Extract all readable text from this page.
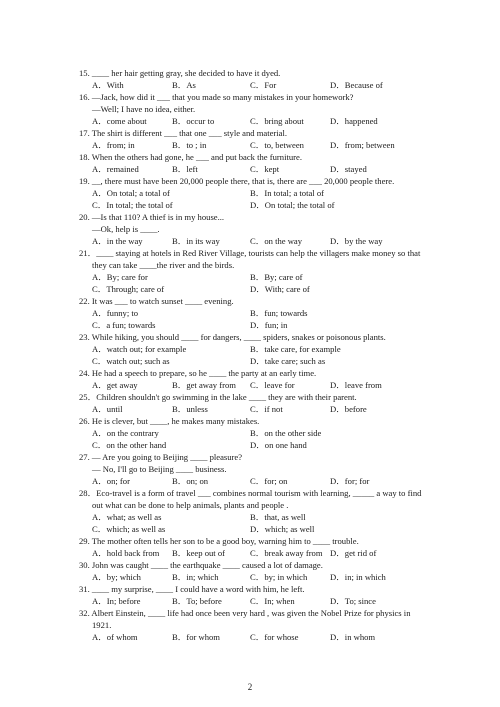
15. ____ her hair getting gray, she decided to have it dyed.
A．With	B．As	C．For	D．Because of
16. —Jack, how did it ___ that you made so many mistakes in your homework?
—Well; I have no idea, either.
A．come about	B．occur to	C．bring about	D．happened
17. The shirt is different ___ that one ___ style and material.
A．from; in	B．to ; in	C．to, between	D．from; between
18. When the others had gone, he ___ and put back the furniture.
A．remained	B．left	C．kept	D．stayed
19. __, there must have been 20,000 people there, that is, there are ___ 20,000 people there.
A．On total; a total of	B．In total; a total of
C．In total; the total of	D．On total; the total of
20. —Is that 110? A thief is in my house...
—Ok, help is ____.
A．in the way	B．in its way	C．on the way	D．by the way
21．____ staying at hotels in Red River Village, tourists can help the villagers make money so that
they can take ____the river and the birds.
A．By; care for	B．By; care of
C．Through; care of	D．With; care of
22. It was ___ to watch sunset ____ evening.
A．funny; to	B．fun; towards
C．a fun; towards	D．fun; in
23. While hiking, you should ____ for dangers, ____ spiders, snakes or poisonous plants.
A．watch out; for example	B．take care, for example
C．watch out; such as	D．take care; such as
24. He had a speech to prepare, so he ____ the party at an early time.
A．get away	B．get away from C．leave for	D．leave from
25．Children shouldn't go swimming in the lake ____ they are with their parent.
A．until	B．unless	C．if not	D．before
26. He is clever, but ____, he makes many mistakes.
A．on the contrary	B．on the other side
C．on the other hand	D．on one hand
27. — Are you going to Beijing ____ pleasure?
— No, I'll go to Beijing ____ business.
A．on; for	B．on; on	C．for; on	D．for; for
28．Eco-travel is a form of travel ___ combines normal tourism with learning, _____ a way to find
out what can be done to help animals, plants and people .
A．what; as well as	B．that, as well
C．which; as well as	D．which; as well
29. The mother often tells her son to be a good boy, warning him to ____ trouble.
A．hold back from B．keep out of	C．break away from D．get rid of
30. John was caught ____ the earthquake ____ caused a lot of damage.
A．by; which	B．in; which	C．by; in which	D．in; in which
31. ____ my surprise, ____ I could have a word with him, he left.
A．In; before	B．To; before	C．In; when	D．To; since
32. Albert Einstein, ____ life had once been very hard , was given the Nobel Prize for physics in
1921.
A．of whom	B．for whom	C．for whose	D．in whom
2
